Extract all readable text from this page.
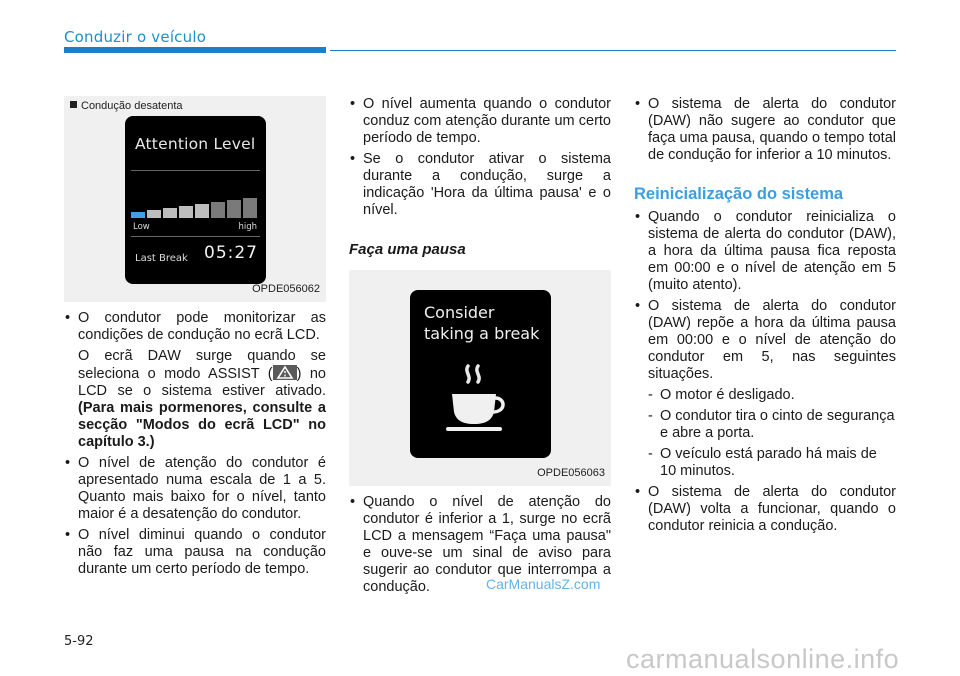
Conduzir o veículo
Condução desatenta
Attention Level
Low	high
Last Break 05:27
OPDE056062
• O condutor pode monitorizar as condições de condução no ecrã LCD.
O ecrã DAW surge quando se seleciona o modo ASSIST ( ) no LCD se o sistema estiver ativado. (Para mais pormenores, consulte a secção "Modos do ecrã LCD" no capítulo 3.)
• O nível de atenção do condutor é apresentado numa escala de 1 a 5. Quanto mais baixo for o nível, tanto maior é a desatenção do condutor.
• O nível diminui quando o condutor não faz uma pausa na condução durante um certo período de tempo.
• O nível aumenta quando o condutor conduz com atenção durante um certo período de tempo.
• Se o condutor ativar o sistema durante a condução, surge a indicação 'Hora da última pausa' e o nível.
Faça uma pausa
Consider
taking a break
OPDE056063
• Quando o nível de atenção do condutor é inferior a 1, surge no ecrã LCD a mensagem “Faça uma pausa" e ouve-se um sinal de aviso para sugerir ao condutor que interrompa a condução.
• O sistema de alerta do condutor (DAW) não sugere ao condutor que faça uma pausa, quando o tempo total de condução for inferior a 10 minutos.
Reinicialização do sistema
• Quando o condutor reinicializa o sistema de alerta do condutor (DAW), a hora da última pausa fica reposta em 00:00 e o nível de atenção em 5 (muito atento).
• O sistema de alerta do condutor (DAW) repõe a hora da última pausa em 00:00 e o nível de atenção do condutor em 5, nas seguintes situações.
- O motor é desligado.
- O condutor tira o cinto de segurança e abre a porta.
- O veículo está parado há mais de 10 minutos.
• O sistema de alerta do condutor (DAW) volta a funcionar, quando o condutor reinicia a condução.
5-92
CarManualsZ.com
carmanualsonline.info
